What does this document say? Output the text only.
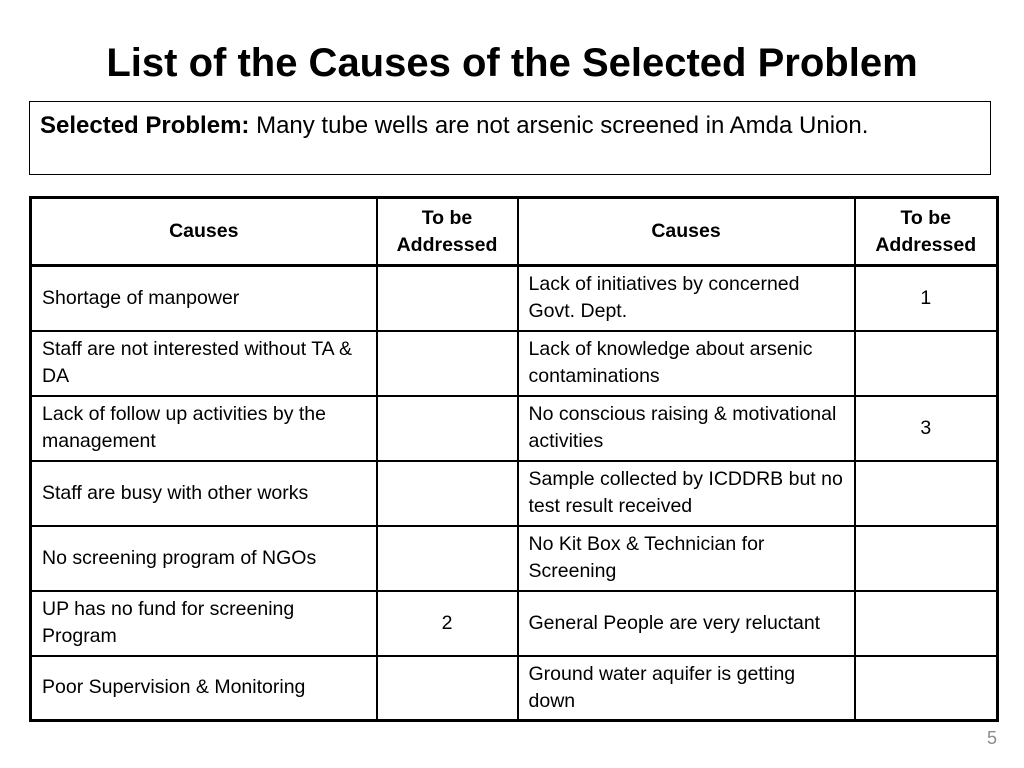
List of the Causes of the Selected Problem
Selected Problem: Many tube wells are not arsenic screened in Amda Union.
Causes	To be Addressed	Causes	To be Addressed
Shortage of manpower		Lack of initiatives by concerned Govt. Dept.	1
Staff are not interested without TA & DA		Lack of knowledge about arsenic contaminations	
Lack of follow up activities by the management		No conscious raising & motivational activities	3
Staff are busy with other works		Sample collected by ICDDRB but no test result received	
No screening program of NGOs		No Kit Box & Technician for Screening	
UP has no fund for screening Program	2	General People are very reluctant	
Poor Supervision & Monitoring		Ground water aquifer is getting down	
5
